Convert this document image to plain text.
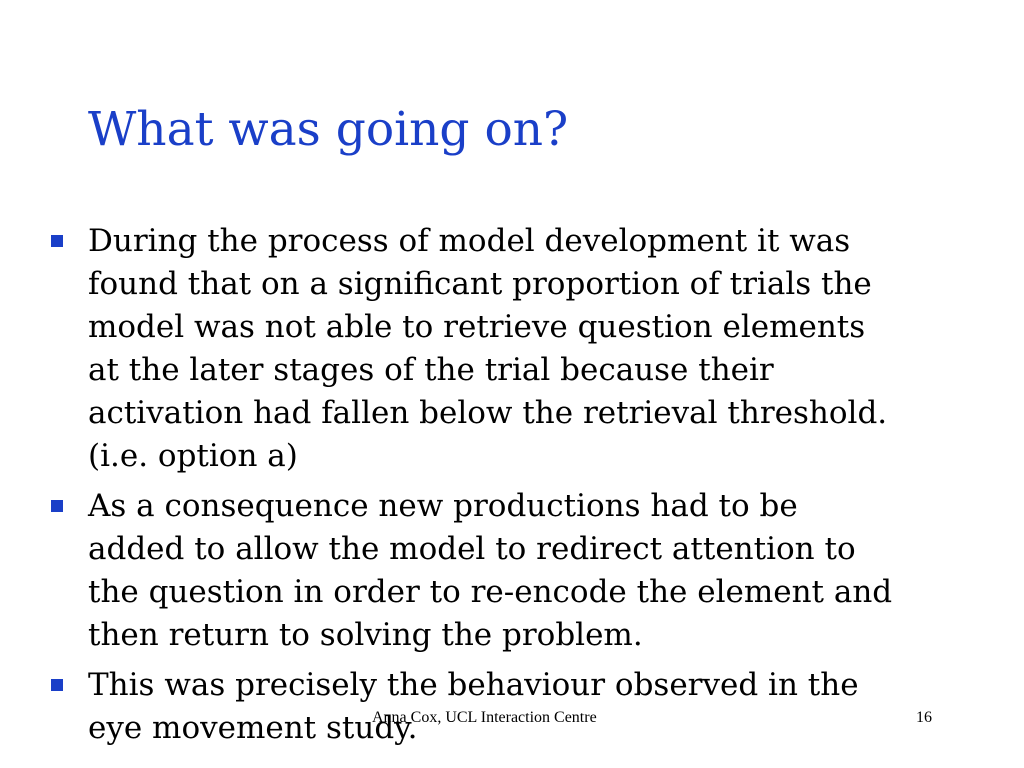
What was going on?
During the process of model development it was
found that on a significant proportion of trials the
model was not able to retrieve question elements
at the later stages of the trial because their
activation had fallen below the retrieval threshold.
(i.e. option a)
As a consequence new productions had to be
added to allow the model to redirect attention to
the question in order to re-encode the element and
then return to solving the problem.
This was precisely the behaviour observed in the
eye movement study.
Anna Cox, UCL Interaction Centre	16
